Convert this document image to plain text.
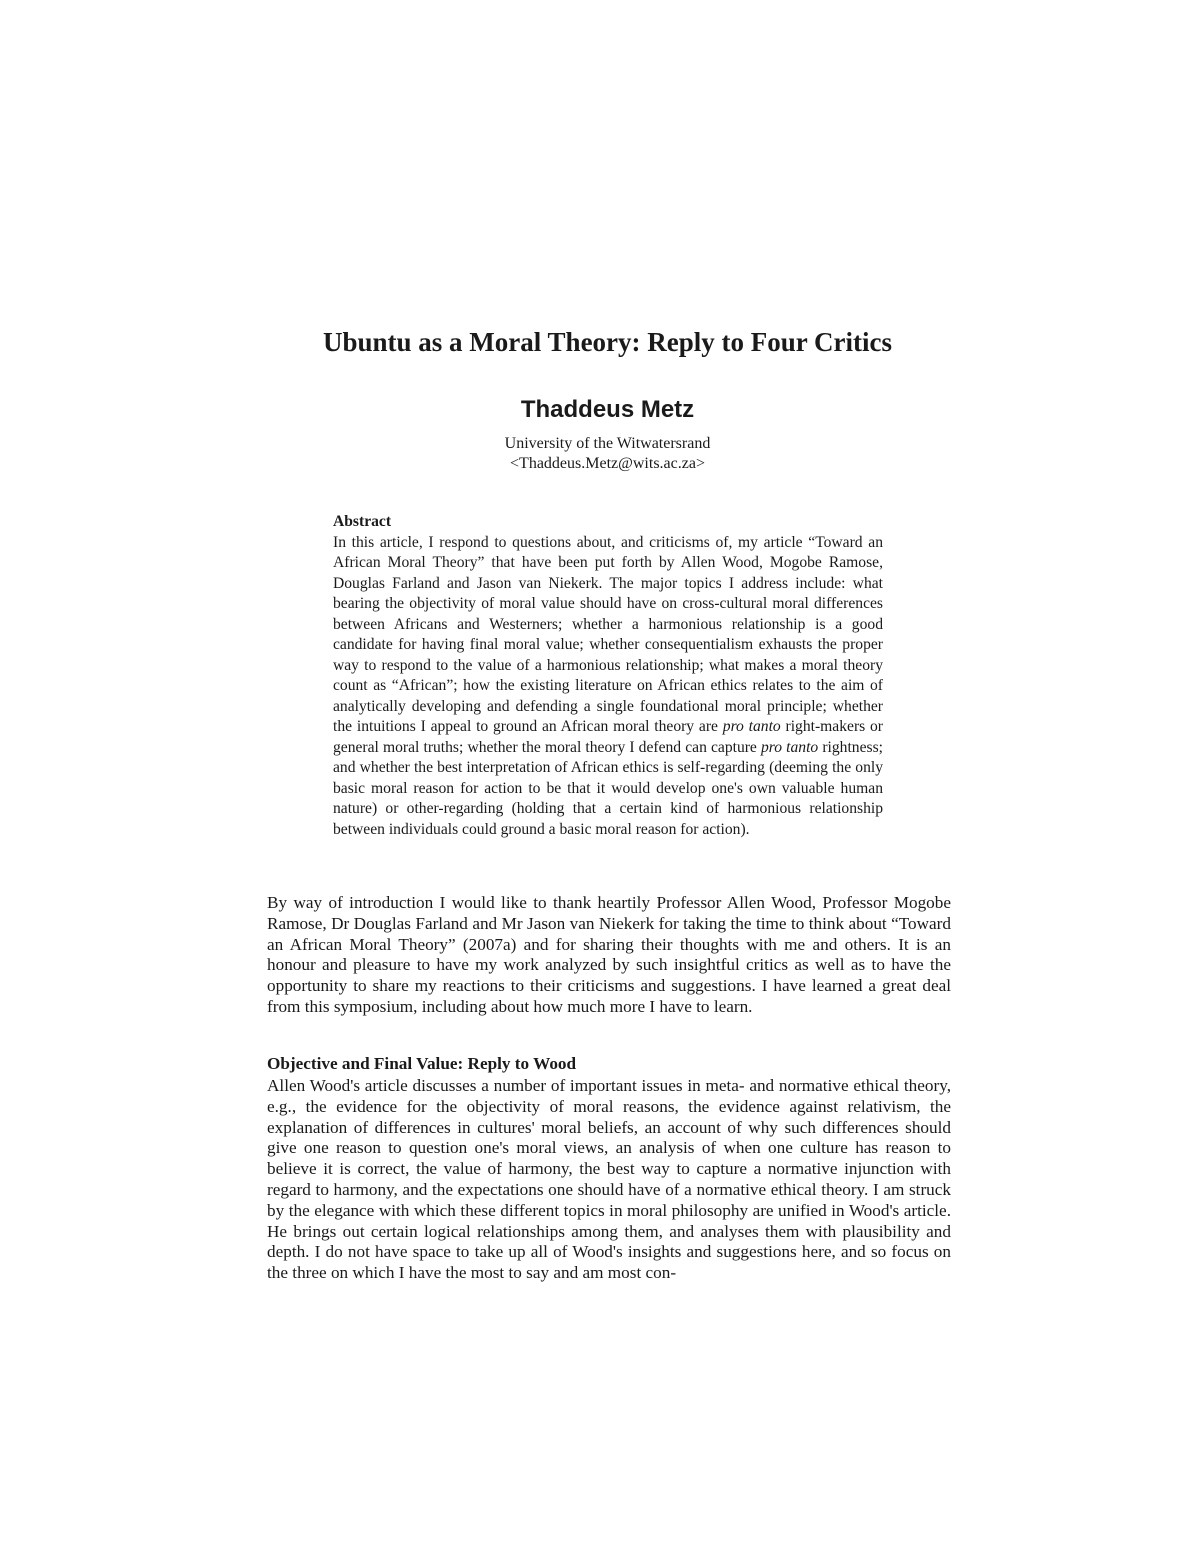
Ubuntu as a Moral Theory: Reply to Four Critics
Thaddeus Metz
University of the Witwatersrand
<Thaddeus.Metz@wits.ac.za>
Abstract

In this article, I respond to questions about, and criticisms of, my article “Toward an African Moral Theory” that have been put forth by Allen Wood, Mogobe Ramose, Douglas Farland and Jason van Niekerk. The major topics I address include: what bearing the objectivity of moral value should have on cross-cultural moral differences between Africans and Westerners; whether a harmonious relationship is a good candidate for having final moral value; whether consequentialism exhausts the proper way to respond to the value of a harmonious relationship; what makes a moral theory count as “African”; how the existing literature on African ethics relates to the aim of analytically developing and defending a single foundational moral principle; whether the intuitions I appeal to ground an African moral theory are pro tanto right-makers or general moral truths; whether the moral theory I defend can capture pro tanto rightness; and whether the best interpretation of African ethics is self-regarding (deeming the only basic moral reason for action to be that it would develop one's own valuable human nature) or other-regarding (holding that a certain kind of harmonious relationship between individuals could ground a basic moral reason for action).

By way of introduction I would like to thank heartily Professor Allen Wood, Professor Mogobe Ramose, Dr Douglas Farland and Mr Jason van Niekerk for taking the time to think about “Toward an African Moral Theory” (2007a) and for sharing their thoughts with me and others. It is an honour and pleasure to have my work analyzed by such insightful critics as well as to have the opportunity to share my reactions to their criticisms and suggestions. I have learned a great deal from this symposium, including about how much more I have to learn.

Objective and Final Value: Reply to Wood

Allen Wood's article discusses a number of important issues in meta- and normative ethical theory, e.g., the evidence for the objectivity of moral reasons, the evidence against relativism, the explanation of differences in cultures' moral beliefs, an account of why such differences should give one reason to question one's moral views, an analysis of when one culture has reason to believe it is correct, the value of harmony, the best way to capture a normative injunction with regard to harmony, and the expectations one should have of a normative ethical theory. I am struck by the elegance with which these different topics in moral philosophy are unified in Wood's article. He brings out certain logical relationships among them, and analyses them with plausibility and depth. I do not have space to take up all of Wood's insights and suggestions here, and so focus on the three on which I have the most to say and am most con-
